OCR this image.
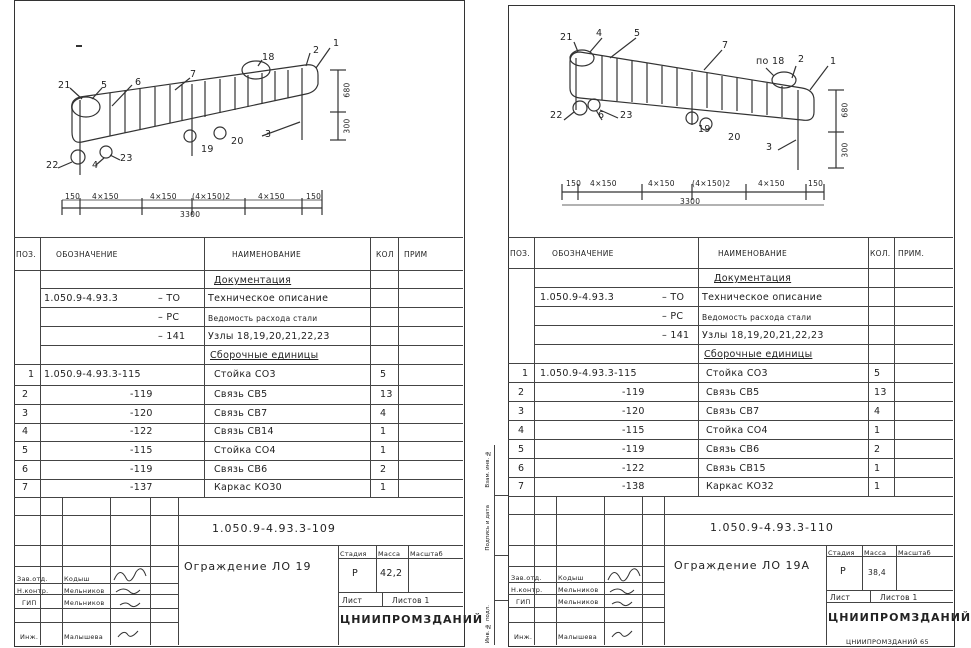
21	5	6
7
18
2
1
22	4
23
19
20
3
150 4×150	4×150 (4×150)2	4×150	150
3300
680
300
ПОЗ.	ОБОЗНАЧЕНИЕ	НАИМЕНОВАНИЕ	КОЛ ПРИМ
Документация
1.050.9-4.93.3	– ТО	Техническое описание
– РС	Ведомость расхода стали
– 141 Узлы 18,19,20,21,22,23
Сборочные единицы
1 1.050.9-4.93.3-115	Стойка СО3	5
2	-119	Связь СВ5	13
3	-120	Связь СВ7	4
4	-122	Связь СВ14	1
5	-115	Стойка СО4	1
6	-119	Связь СВ6	2
7	-137	Каркас КО30	1
1.050.9-4.93.3-109
Ограждение ЛО 19
Стадия Масса Масштаб
Р 42,2
Лист	Листов 1
ЦНИИПРОМЗДАНИЙ
Зав.отд. Кодыш
Н.контр. Мельников
ГИП	Мельников
Инж.	Малышева
Взам. инв. №
Подпись и дата
Инв. № подл.
21 4	5
7
по 18 2	1
22	6 23
19
20
3
150 4×150	4×150 (4×150)2	4×150	150
3300
680
300
ПОЗ.	ОБОЗНАЧЕНИЕ	НАИМЕНОВАНИЕ	КОЛ. ПРИМ.
Документация
1.050.9-4.93.3	– ТО Техническое описание
– РС Ведомость расхода стали
– 141 Узлы 18,19,20,21,22,23
Сборочные единицы
1 1.050.9-4.93.3-115	Стойка СО3	5
2	-119	Связь СВ5	13
3	-120	Связь СВ7	4
4	-115	Стойка СО4	1
5	-119	Связь СВ6	2
6	-122	Связь СВ15	1
7	-138	Каркас КО32	1
1.050.9-4.93.3-110
Ограждение ЛО 19А
Стадия Масса Масштаб
Р	38,4
Лист	Листов 1
ЦНИИПРОМЗДАНИЙ
Зав.отд. Кодыш
Н.контр. Мельников
ГИП	Мельников
Инж.	Малышева
ЦНИИПРОМЗДАНИЙ 65
